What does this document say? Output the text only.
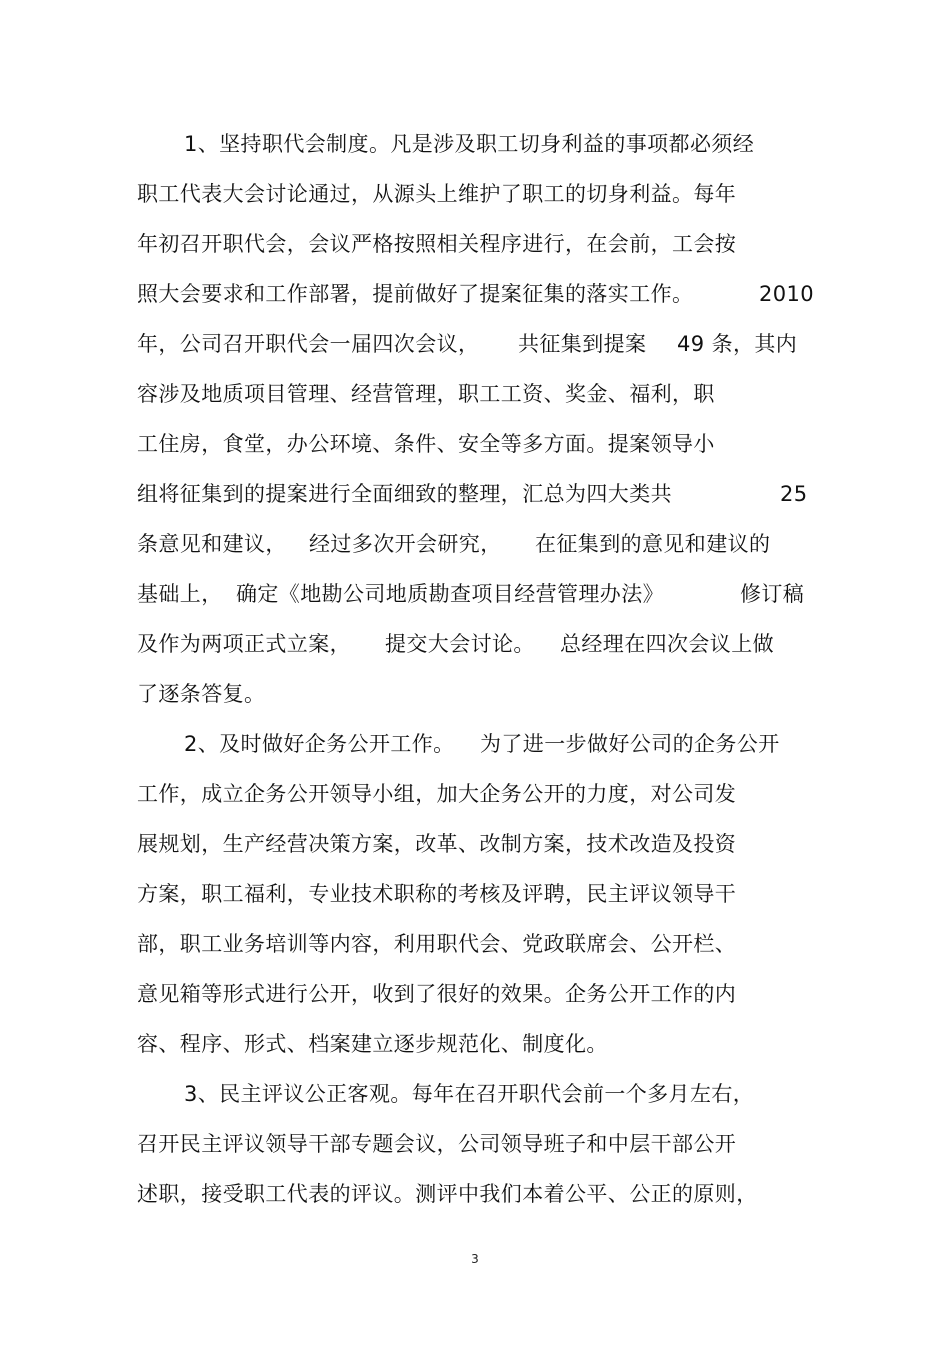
1、坚持职代会制度。凡是涉及职工切身利益的事项都必须经
职工代表大会讨论通过，从源头上维护了职工的切身利益。每年
年初召开职代会，会议严格按照相关程序进行，在会前，工会按
照大会要求和工作部署，提前做好了提案征集的落实工作。	2010
年，公司召开职代会一届四次会议， 共征集到提案 49 条，其内
容涉及地质项目管理、经营管理，职工工资、奖金、福利，职
工住房，食堂，办公环境、条件、安全等多方面。提案领导小
组将征集到的提案进行全面细致的整理，汇总为四大类共	25
条意见和建议， 经过多次开会研究， 在征集到的意见和建议的
基础上， 确定《地勘公司地质勘查项目经营管理办法》	修订稿
及作为两项正式立案， 提交大会讨论。 总经理在四次会议上做
了逐条答复。
2、及时做好企务公开工作。 为了进一步做好公司的企务公开
工作，成立企务公开领导小组，加大企务公开的力度，对公司发
展规划，生产经营决策方案，改革、改制方案，技术改造及投资
方案，职工福利，专业技术职称的考核及评聘，民主评议领导干
部，职工业务培训等内容，利用职代会、党政联席会、公开栏、
意见箱等形式进行公开，收到了很好的效果。企务公开工作的内
容、程序、形式、档案建立逐步规范化、制度化。
3、民主评议公正客观。每年在召开职代会前一个多月左右，
召开民主评议领导干部专题会议，公司领导班子和中层干部公开
述职，接受职工代表的评议。测评中我们本着公平、公正的原则，
3
